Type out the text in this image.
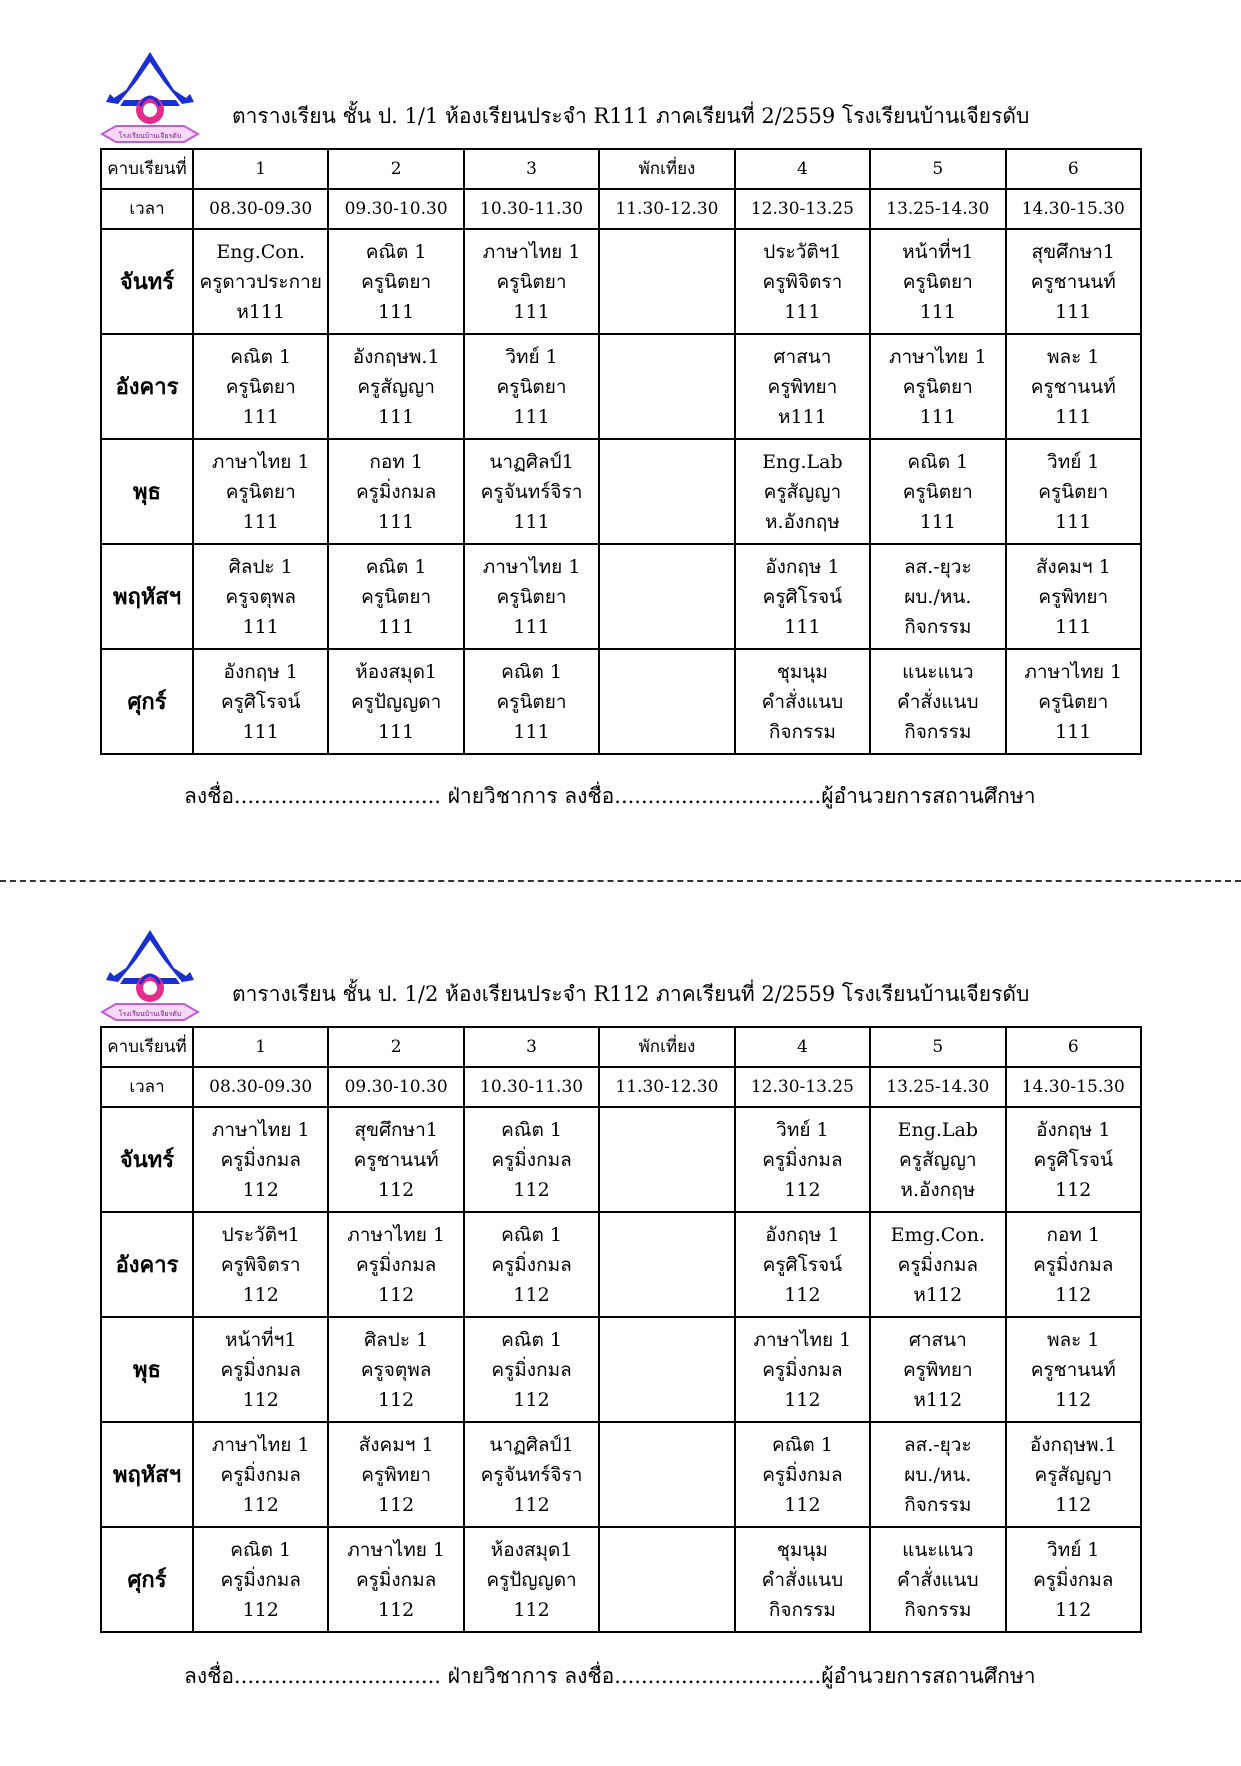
โรงเรียนบ้านเจียรดับ
ตารางเรียน ชั้น ป. 1/1 ห้องเรียนประจำ R111 ภาคเรียนที่ 2/2559 โรงเรียนบ้านเจียรดับ
คาบเรียนที่	1	2	3	พักเที่ยง	4	5	6
เวลา	08.30-09.30	09.30-10.30	10.30-11.30	11.30-12.30	12.30-13.25	13.25-14.30	14.30-15.30
จันทร์	Eng.Con.
ครูดาวประกาย
ห111	คณิต 1
ครูนิตยา
111	ภาษาไทย 1
ครูนิตยา
111		ประวัติฯ1
ครูพิจิตรา
111	หน้าที่ฯ1
ครูนิตยา
111	สุขศึกษา1
ครูชานนท์
111

อังคาร	คณิต 1
ครูนิตยา
111	อังกฤษพ.1
ครูสัญญา
111	วิทย์ 1
ครูนิตยา
111		ศาสนา
ครูพิทยา
ห111	ภาษาไทย 1
ครูนิตยา
111	พละ 1
ครูชานนท์
111

พุธ	ภาษาไทย 1
ครูนิตยา
111	กอท 1
ครูมิ่งกมล
111	นาฏศิลป์1
ครูจันทร์จิรา
111		Eng.Lab
ครูสัญญา
ห.อังกฤษ	คณิต 1
ครูนิตยา
111	วิทย์ 1
ครูนิตยา
111

พฤหัสฯ	ศิลปะ 1
ครูจตุพล
111	คณิต 1
ครูนิตยา
111	ภาษาไทย 1
ครูนิตยา
111		อังกฤษ 1
ครูศิโรจน์
111	ลส.-ยุวะ
ผบ./หน.
กิจกรรม	สังคมฯ 1
ครูพิทยา
111

ศุกร์	อังกฤษ 1
ครูศิโรจน์
111	ห้องสมุด1
ครูปัญญดา
111	คณิต 1
ครูนิตยา
111		ชุมนุม
คำสั่งแนบ
กิจกรรม	แนะแนว
คำสั่งแนบ
กิจกรรม	ภาษาไทย 1
ครูนิตยา
111
ลงชื่อ............................... ฝ่ายวิชาการ ลงชื่อ...............................ผู้อำนวยการสถานศึกษา
โรงเรียนบ้านเจียรดับ
ตารางเรียน ชั้น ป. 1/2 ห้องเรียนประจำ R112 ภาคเรียนที่ 2/2559 โรงเรียนบ้านเจียรดับ
คาบเรียนที่	1	2	3	พักเที่ยง	4	5	6
เวลา	08.30-09.30	09.30-10.30	10.30-11.30	11.30-12.30	12.30-13.25	13.25-14.30	14.30-15.30
จันทร์	ภาษาไทย 1
ครูมิ่งกมล
112	สุขศึกษา1
ครูชานนท์
112	คณิต 1
ครูมิ่งกมล
112		วิทย์ 1
ครูมิ่งกมล
112	Eng.Lab
ครูสัญญา
ห.อังกฤษ	อังกฤษ 1
ครูศิโรจน์
112

อังคาร	ประวัติฯ1
ครูพิจิตรา
112	ภาษาไทย 1
ครูมิ่งกมล
112	คณิต 1
ครูมิ่งกมล
112		อังกฤษ 1
ครูศิโรจน์
112	Emg.Con.
ครูมิ่งกมล
ห112	กอท 1
ครูมิ่งกมล
112

พุธ	หน้าที่ฯ1
ครูมิ่งกมล
112	ศิลปะ 1
ครูจตุพล
112	คณิต 1
ครูมิ่งกมล
112		ภาษาไทย 1
ครูมิ่งกมล
112	ศาสนา
ครูพิทยา
ห112	พละ 1
ครูชานนท์
112

พฤหัสฯ	ภาษาไทย 1
ครูมิ่งกมล
112	สังคมฯ 1
ครูพิทยา
112	นาฏศิลป์1
ครูจันทร์จิรา
112		คณิต 1
ครูมิ่งกมล
112	ลส.-ยุวะ
ผบ./หน.
กิจกรรม	อังกฤษพ.1
ครูสัญญา
112

ศุกร์	คณิต 1
ครูมิ่งกมล
112	ภาษาไทย 1
ครูมิ่งกมล
112	ห้องสมุด1
ครูปัญญดา
112		ชุมนุม
คำสั่งแนบ
กิจกรรม	แนะแนว
คำสั่งแนบ
กิจกรรม	วิทย์ 1
ครูมิ่งกมล
112
ลงชื่อ............................... ฝ่ายวิชาการ ลงชื่อ...............................ผู้อำนวยการสถานศึกษา
